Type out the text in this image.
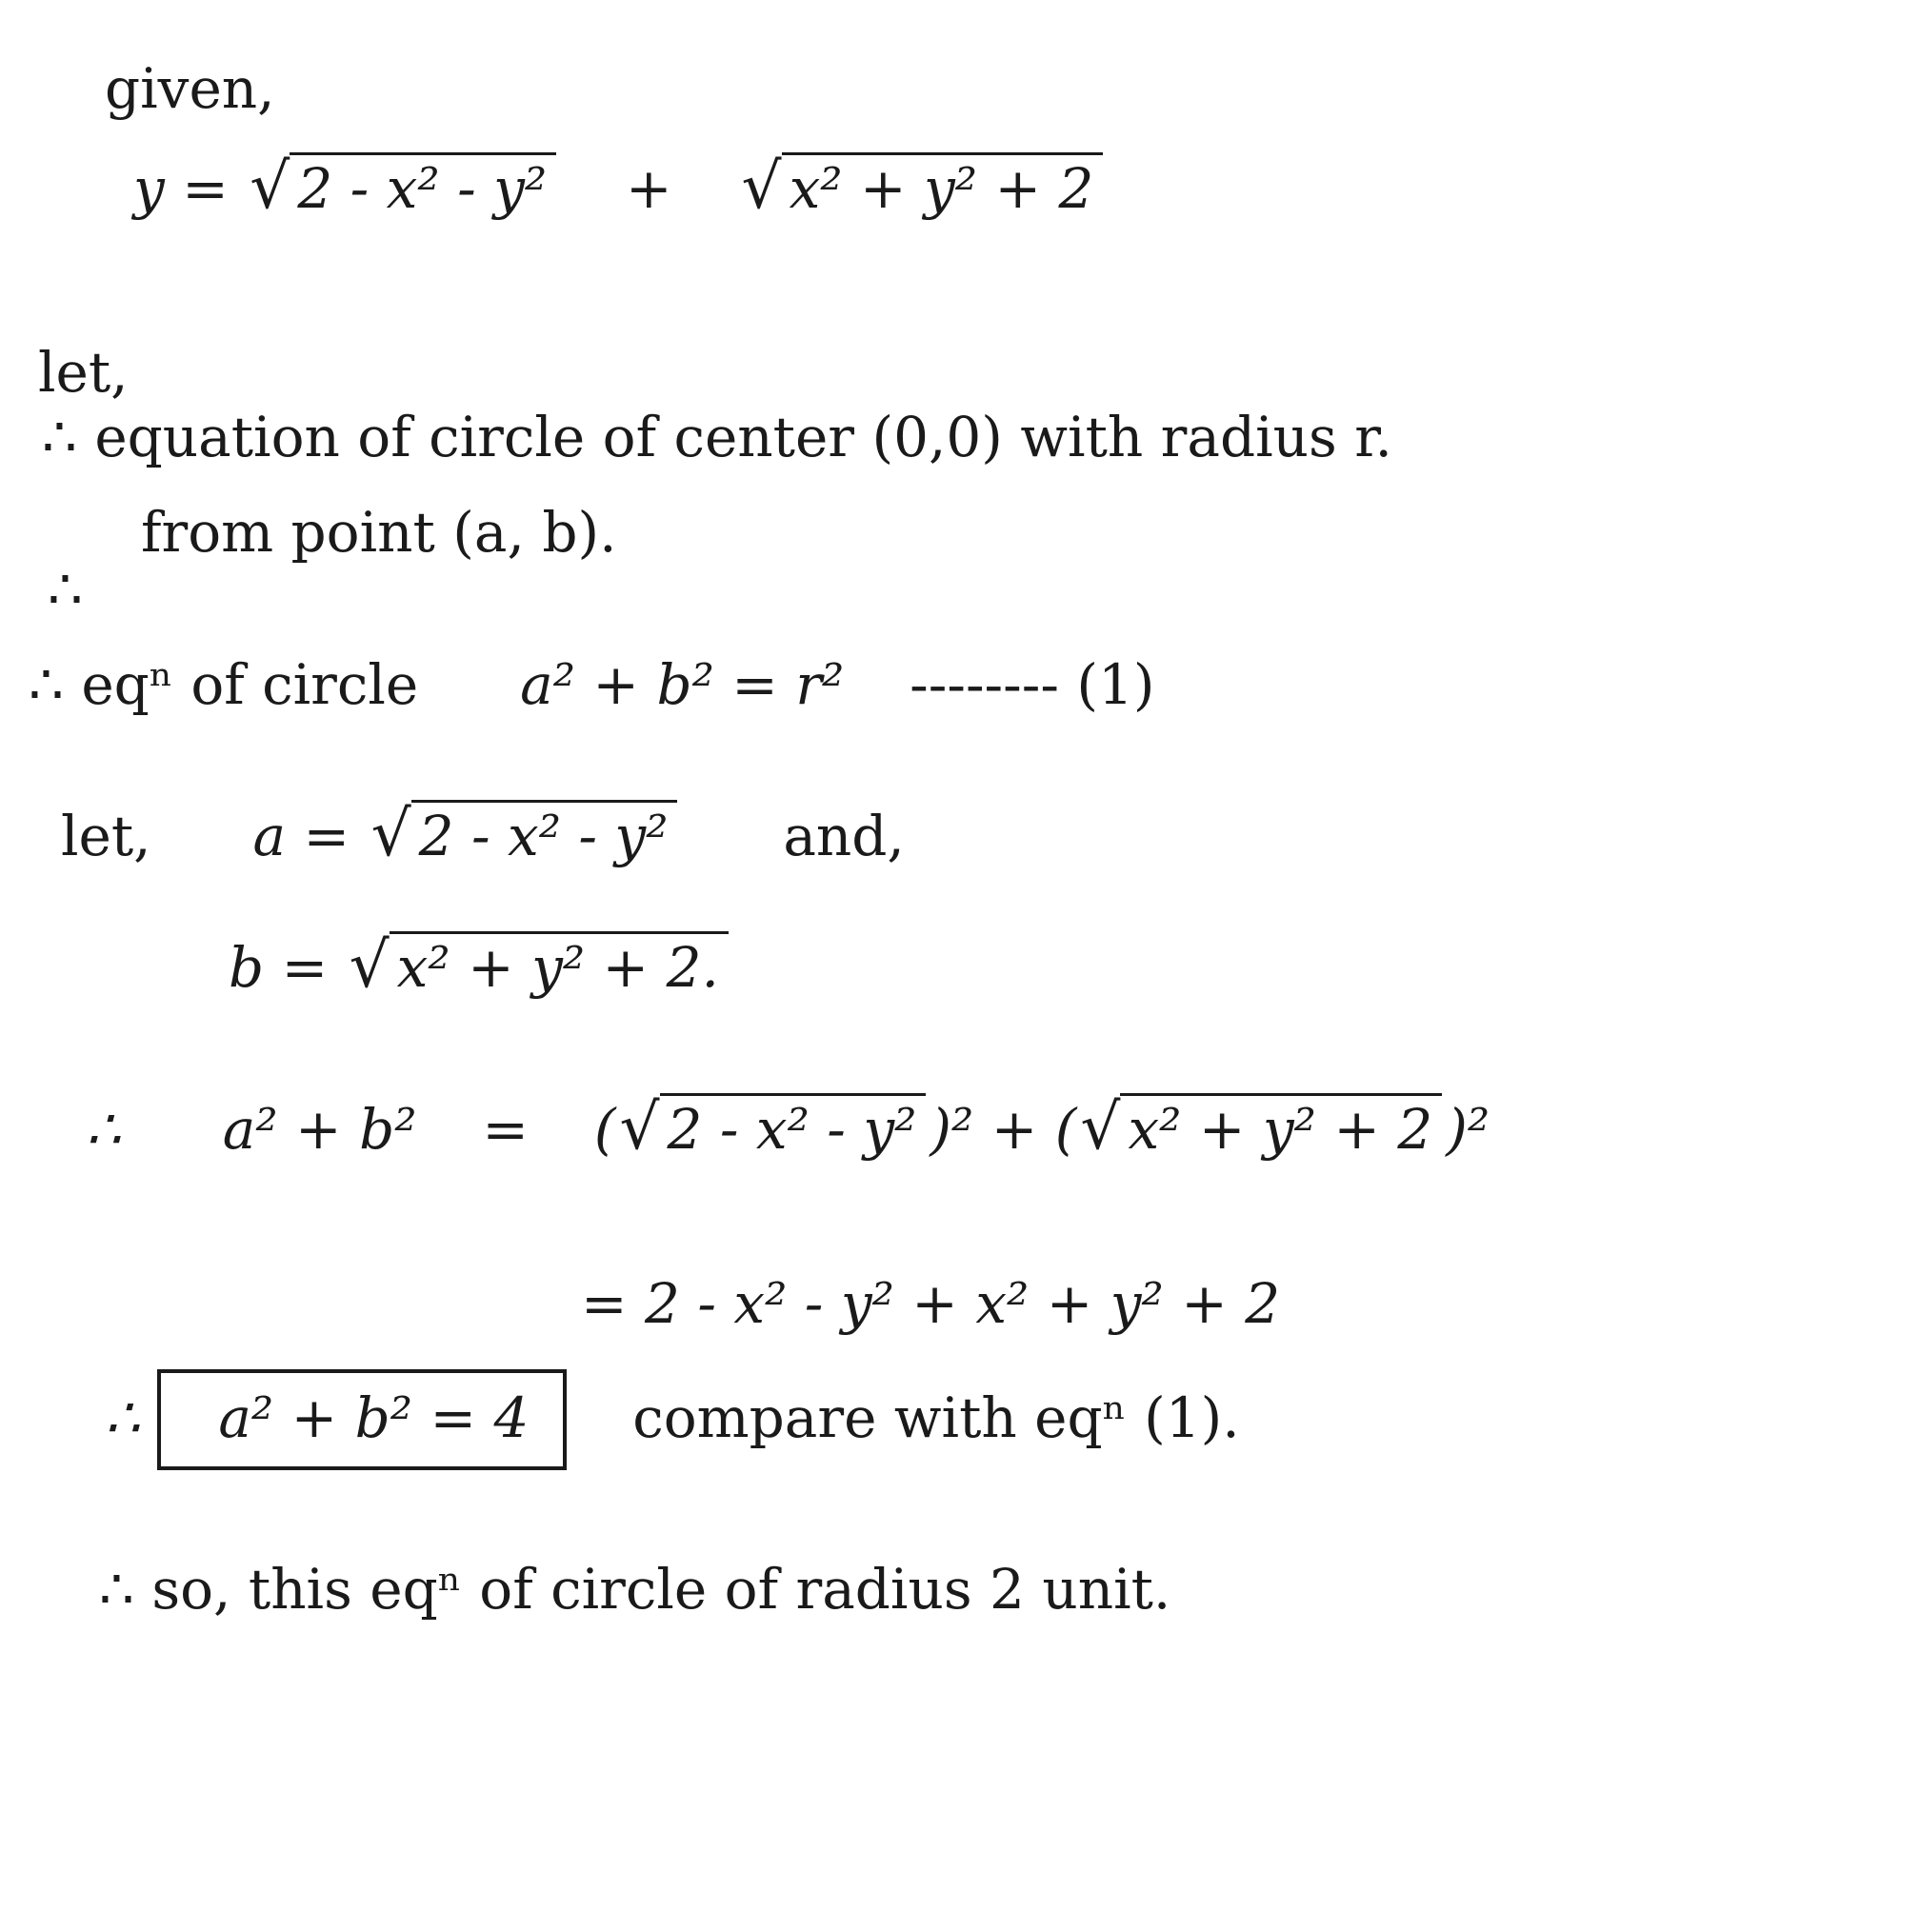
given,
y = √ 2 - x² - y² + √ x² + y² + 2
let,
∴ equation of circle of center (0,0) with radius r.
from point (a, b).
∴
∴ eqⁿ of circle a² + b² = r² -------- (1)
let, a = √ 2 - x² - y² and,
b = √ x² + y² + 2.
∴ a² + b² = (√ 2 - x² - y² )² + (√ x² + y² + 2 )²
= 2 - x² - y² + x² + y² + 2
∴ a² + b² = 4 compare with eqⁿ (1).
∴ so, this eqⁿ of circle of radius 2 unit.
